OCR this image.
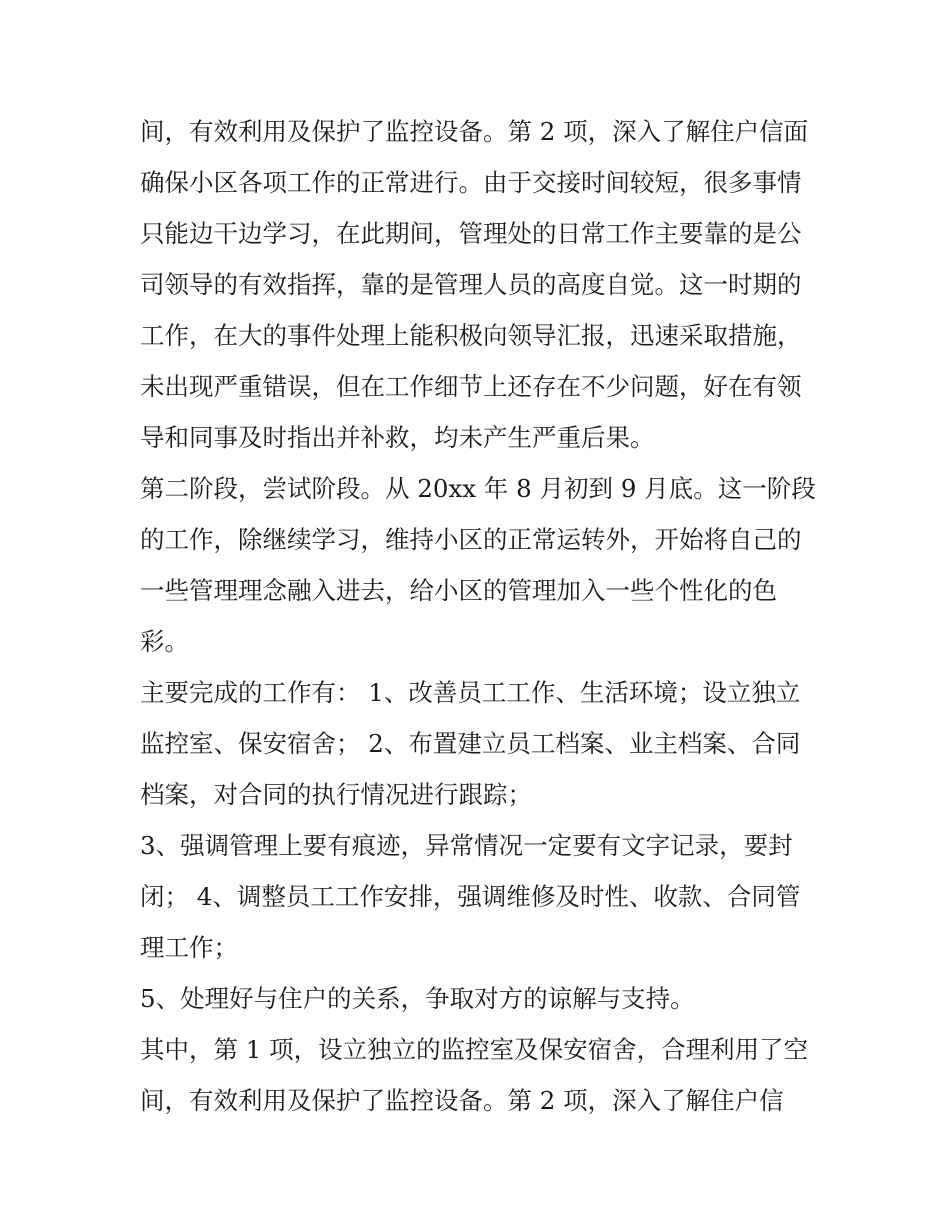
间，有效利用及保护了监控设备。第 2 项，深入了解住户信面
确保小区各项工作的正常进行。由于交接时间较短，很多事情
只能边干边学习，在此期间，管理处的日常工作主要靠的是公
司领导的有效指挥，靠的是管理人员的高度自觉。这一时期的
工作，在大的事件处理上能积极向领导汇报，迅速采取措施，
未出现严重错误，但在工作细节上还存在不少问题，好在有领
导和同事及时指出并补救，均未产生严重后果。
第二阶段，尝试阶段。从 20xx 年 8 月初到 9 月底。这一阶段
的工作，除继续学习，维持小区的正常运转外，开始将自己的
一些管理理念融入进去，给小区的管理加入一些个性化的色
彩。
主要完成的工作有： 1、改善员工工作、生活环境；设立独立
监控室、保安宿舍； 2、布置建立员工档案、业主档案、合同
档案，对合同的执行情况进行跟踪；
3、强调管理上要有痕迹，异常情况一定要有文字记录，要封
闭； 4、调整员工工作安排，强调维修及时性、收款、合同管
理工作；
5、处理好与住户的关系，争取对方的谅解与支持。
其中，第 1 项，设立独立的监控室及保安宿舍，合理利用了空
间，有效利用及保护了监控设备。第 2 项，深入了解住户信
